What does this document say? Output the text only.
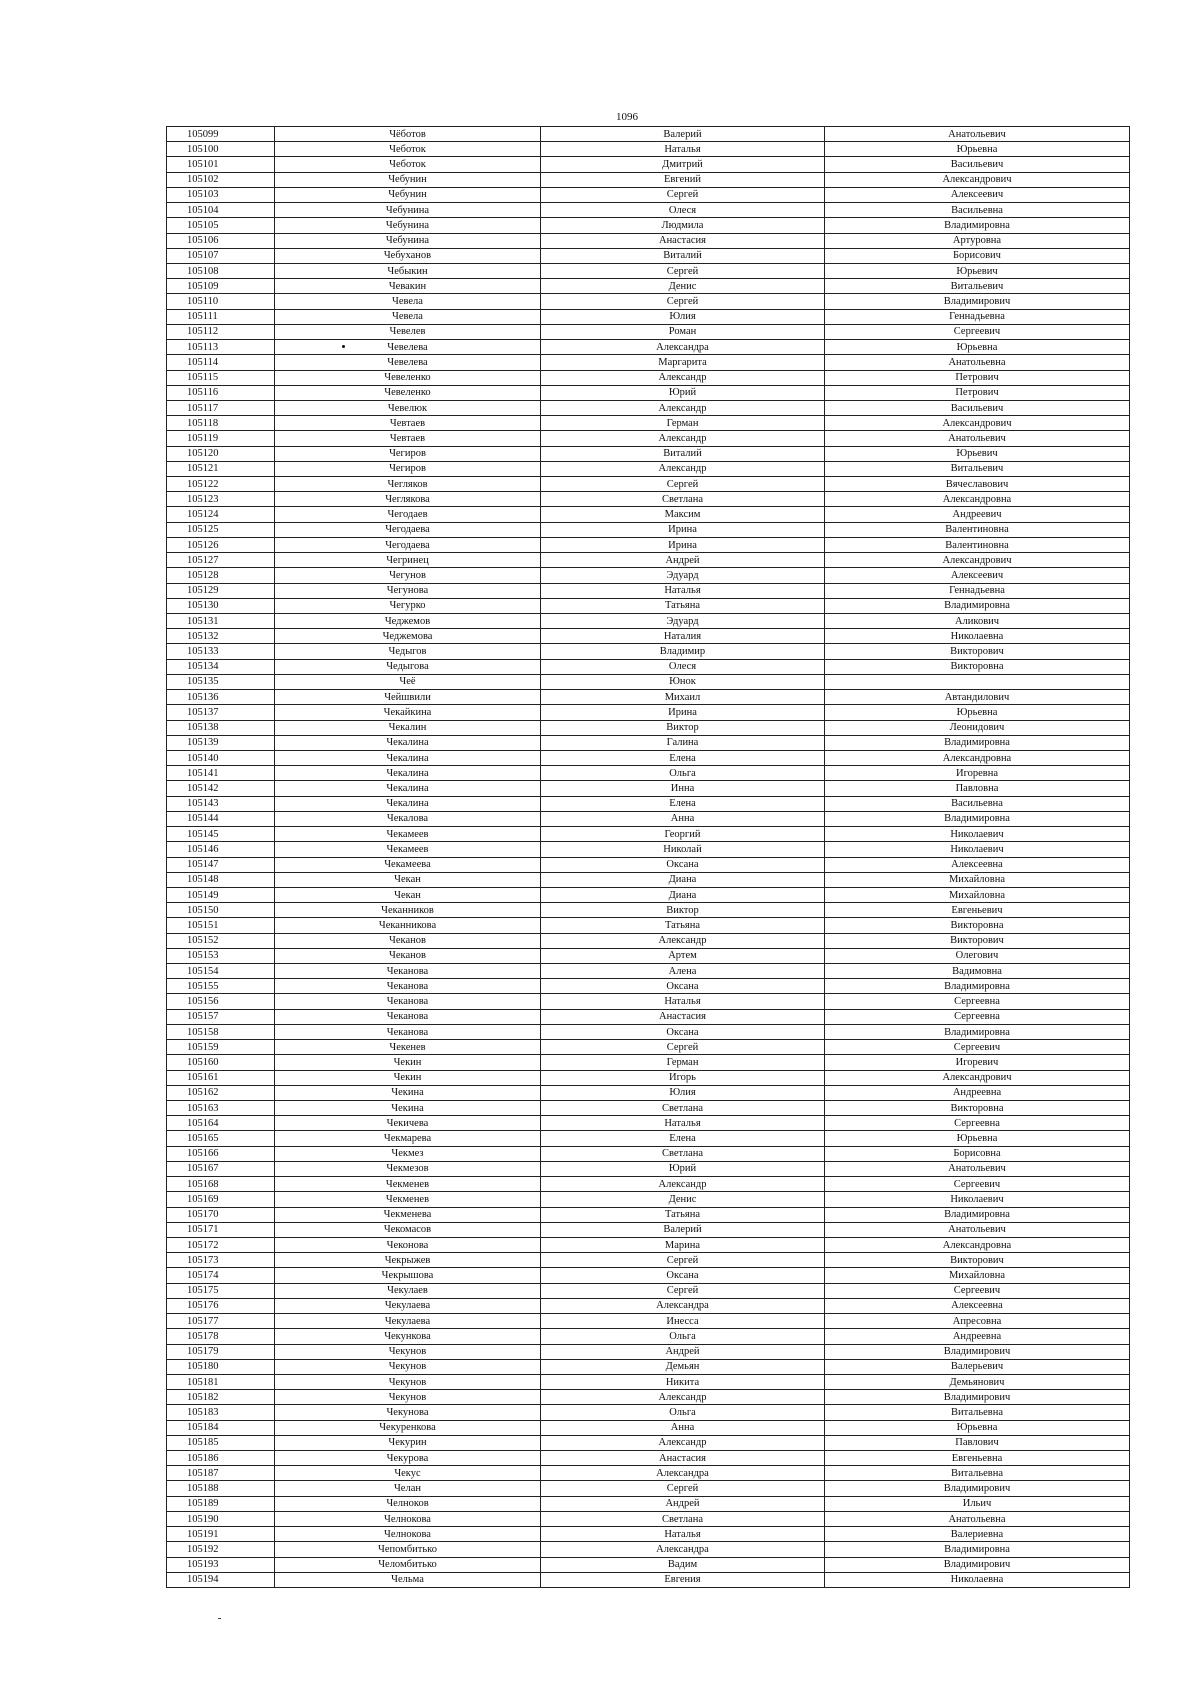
1096
105099	Чёботов	Валерий	Анатольевич
105100	Чеботок	Наталья	Юрьевна
105101	Чеботок	Дмитрий	Васильевич
105102	Чебунин	Евгений	Александрович
105103	Чебунин	Сергей	Алексеевич
105104	Чебунина	Олеся	Васильевна
105105	Чебунина	Людмила	Владимировна
105106	Чебунина	Анастасия	Артуровна
105107	Чебуханов	Виталий	Борисович
105108	Чебыкин	Сергей	Юрьевич
105109	Чевакин	Денис	Витальевич
105110	Чевела	Сергей	Владимирович
105111	Чевела	Юлия	Геннадьевна
105112	Чевелев	Роман	Сергеевич
105113	Чевелева	Александра	Юрьевна
105114	Чевелева	Маргарита	Анатольевна
105115	Чевеленко	Александр	Петрович
105116	Чевеленко	Юрий	Петрович
105117	Чевелюк	Александр	Васильевич
105118	Чевтаев	Герман	Александрович
105119	Чевтаев	Александр	Анатольевич
105120	Чегиров	Виталий	Юрьевич
105121	Чегиров	Александр	Витальевич
105122	Чегляков	Сергей	Вячеславович
105123	Чеглякова	Светлана	Александровна
105124	Чегодаев	Максим	Андреевич
105125	Чегодаева	Ирина	Валентиновна
105126	Чегодаева	Ирина	Валентиновна
105127	Чегринец	Андрей	Александрович
105128	Чегунов	Эдуард	Алексеевич
105129	Чегунова	Наталья	Геннадьевна
105130	Чегурко	Татьяна	Владимировна
105131	Чеджемов	Эдуард	Аликович
105132	Чеджемова	Наталия	Николаевна
105133	Чедыгов	Владимир	Викторович
105134	Чедыгова	Олеся	Викторовна
105135	Чеё	Юнок	
105136	Чейшвили	Михаил	Автандилович
105137	Чекайкина	Ирина	Юрьевна
105138	Чекалин	Виктор	Леонидович
105139	Чекалина	Галина	Владимировна
105140	Чекалина	Елена	Александровна
105141	Чекалина	Ольга	Игоревна
105142	Чекалина	Инна	Павловна
105143	Чекалина	Елена	Васильевна
105144	Чекалова	Анна	Владимировна
105145	Чекамеев	Георгий	Николаевич
105146	Чекамеев	Николай	Николаевич
105147	Чекамеева	Оксана	Алексеевна
105148	Чекан	Диана	Михайловна
105149	Чекан	Диана	Михайловна
105150	Чеканников	Виктор	Евгеньевич
105151	Чеканникова	Татьяна	Викторовна
105152	Чеканов	Александр	Викторович
105153	Чеканов	Артем	Олегович
105154	Чеканова	Алена	Вадимовна
105155	Чеканова	Оксана	Владимировна
105156	Чеканова	Наталья	Сергеевна
105157	Чеканова	Анастасия	Сергеевна
105158	Чеканова	Оксана	Владимировна
105159	Чекенев	Сергей	Сергеевич
105160	Чекин	Герман	Игоревич
105161	Чекин	Игорь	Александрович
105162	Чекина	Юлия	Андреевна
105163	Чекина	Светлана	Викторовна
105164	Чекичева	Наталья	Сергеевна
105165	Чекмарева	Елена	Юрьевна
105166	Чекмез	Светлана	Борисовна
105167	Чекмезов	Юрий	Анатольевич
105168	Чекменев	Александр	Сергеевич
105169	Чекменев	Денис	Николаевич
105170	Чекменева	Татьяна	Владимировна
105171	Чекомасов	Валерий	Анатольевич
105172	Чеконова	Марина	Александровна
105173	Чекрыжев	Сергей	Викторович
105174	Чекрышова	Оксана	Михайловна
105175	Чекулаев	Сергей	Сергеевич
105176	Чекулаева	Александра	Алексеевна
105177	Чекулаева	Инесса	Апресовна
105178	Чекункова	Ольга	Андреевна
105179	Чекунов	Андрей	Владимирович
105180	Чекунов	Демьян	Валерьевич
105181	Чекунов	Никита	Демьянович
105182	Чекунов	Александр	Владимирович
105183	Чекунова	Ольга	Витальевна
105184	Чекуренкова	Анна	Юрьевна
105185	Чекурин	Александр	Павлович
105186	Чекурова	Анастасия	Евгеньевна
105187	Чекус	Александра	Витальевна
105188	Челан	Сергей	Владимирович
105189	Челноков	Андрей	Ильич
105190	Челнокова	Светлана	Анатольевна
105191	Челнокова	Наталья	Валериевна
105192	Чепомбитько	Александра	Владимировна
105193	Челомбитько	Вадим	Владимирович
105194	Чельма	Евгения	Николаевна
